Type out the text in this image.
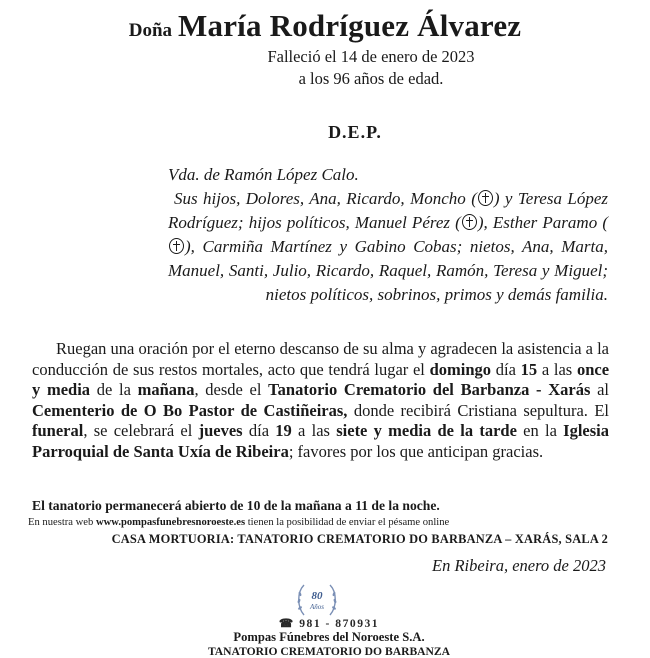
Doña María Rodríguez Álvarez
Falleció el 14 de enero de 2023
a los 96 años de edad.
D.E.P.
Vda. de Ramón López Calo.
Sus hijos, Dolores, Ana, Ricardo, Moncho ( ) y Teresa López Rodríguez; hijos políticos, Manuel Pérez ( ), Esther Paramo (), Carmiña Martínez y Gabino Cobas; nietos, Ana, Marta, Manuel, Santi, Julio, Ricardo, Raquel, Ramón, Teresa y Miguel; nietos políticos, sobrinos, primos y demás familia.
Ruegan una oración por el eterno descanso de su alma y agradecen la asistencia a la conducción de sus restos mortales, acto que tendrá lugar el domingo día 15 a las once y media de la mañana, desde el Tanatorio Crematorio del Barbanza - Xarás al Cementerio de O Bo Pastor de Castiñeiras, donde recibirá Cristiana sepultura. El funeral, se celebrará el jueves día 19 a las siete y media de la tarde en la Iglesia Parroquial de Santa Uxía de Ribeira; favores por los que anticipan gracias.
El tanatorio permanecerá abierto de 10 de la mañana a 11 de la noche.
En nuestra web www.pompasfunebresnoroeste.es tienen la posibilidad de enviar el pésame online
CASA MORTUORIA: TANATORIO CREMATORIO DO BARBANZA – XARÁS, SALA 2
En Ribeira, enero de 2023
80
Años
☎ 981 - 870931
Pompas Fúnebres del Noroeste S.A.
TANATORIO CREMATORIO DO BARBANZA
